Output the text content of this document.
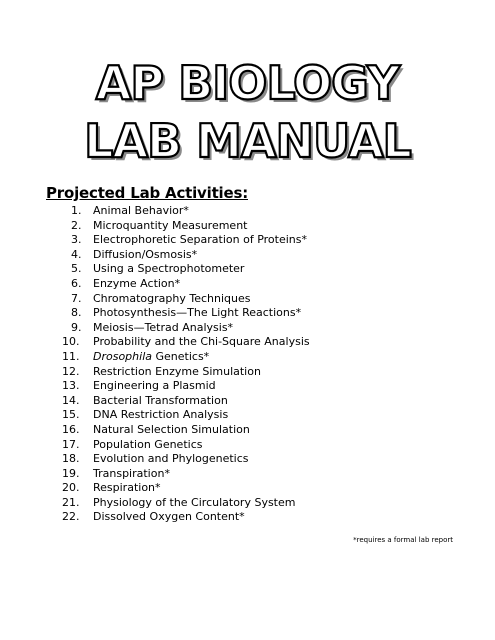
AP BIOLOGY
LAB MANUAL
Projected Lab Activities:
1.	Animal Behavior*
2.	Microquantity Measurement
3.	Electrophoretic Separation of Proteins*
4.	Diffusion/Osmosis*
5.	Using a Spectrophotometer
6.	Enzyme Action*
7.	Chromatography Techniques
8.	Photosynthesis—The Light Reactions*
9.	Meiosis—Tetrad Analysis*
10.	Probability and the Chi-Square Analysis
11.	Drosophila Genetics*
12.	Restriction Enzyme Simulation
13.	Engineering a Plasmid
14.	Bacterial Transformation
15.	DNA Restriction Analysis
16.	Natural Selection Simulation
17.	Population Genetics
18.	Evolution and Phylogenetics
19.	Transpiration*
20.	Respiration*
21.	Physiology of the Circulatory System
22.	Dissolved Oxygen Content*
*requires a formal lab report
